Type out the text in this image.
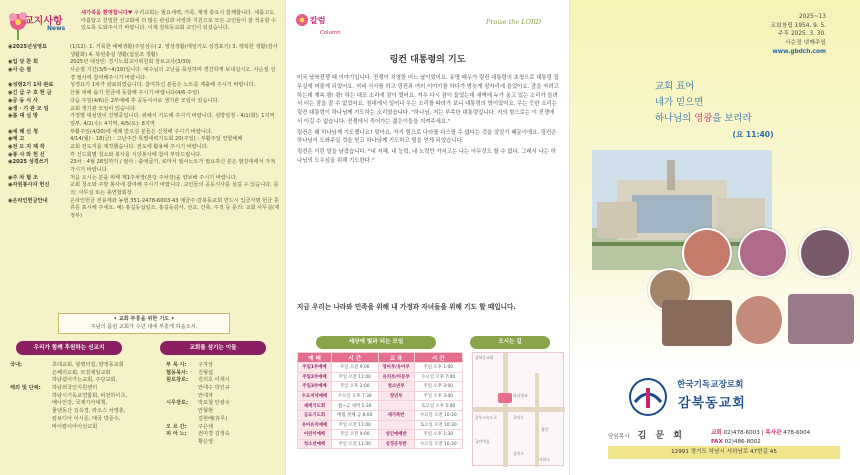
교지사항
News
새가족을 환영합니다♥ 우리교회는 월요새벽, 가족, 재생 충요시 함께합니다. 새롭고도 아름답고 친밀한 선교회에 더 많은 관심과 사랑과 지원으로 모든 교인들이 잘 적응할 수 있도록 도와주시기 바랍니다. 이제 감북동교회 교인이 되셨습니다.
◉2025년성영요	(1/12): 1. 거룩한 예배생활(주일성수) 2. 영성생활(매일기도 성경표기) 3. 행복한 생활(감사생활화) 4. 복된충실 생활(십일조 생활)
◉입 당 찬 회	2025년 대상빈: 경기노회교사위원회 장로교사(3/30)
◉사 순 절	사순절 기간(3/5~4/19)입니다. 예수님의 고난을 묵상하며 경건하게 보내십시오. 사순절 성경 필사에 참여해주시기 바랍니다.
◉성령2기 1차 완료	성경요기 1차가 완료되었습니다. 참여하신 분들은 노트를 제출해 주시기 바랍니다.
◉긴 급 구 호 헌 금	산불 피해 돕기 헌금에 동참해 주시기 바랍니다(4/6 주일)
◉공 동 식 사	다음 주일(4/6)은 2부예배 후 공동식사로 생기관 모임이 있습니다.
◉생 · 기 관 모 임	교회 생기관 모임이 있습니다.
◉봄 대 심 방	가정별 대심방이 진행중입니다. 위해서 기도해 주시기 바랍니다. 심방일정 - 4/1(화): 1지역 일부, 4/2(수): 4지역, 4/5(토): 8지역
◉세 례 신 청	부활주일(4/20)에 세례 받으실 분들은 신청해 주시기 바랍니다.
◉예 고	4/14(월) - 18(금) : 고난주간 특별새벽기도회 20(주일) : 부활주일 연합예배
◉전 도 지 제 작	교회 전도지를 제작했습니다. 전도에 활용해 주시기 바랍니다.
◉봉 사 와 헌 신	각 신드회별 청소와 봉사를 식당봉사에 참여 부탁드립니다.
◉2025 성경쓰기	23차 : 4월 28일까지 / 필사 : 출애굽기, 로마서 필사노트가 필요하신 분은 필강대에서 가져가시기 바랍니다.
◉주 차 협 조	처음 오시는 분을 위해 제1주차장(본당 주차장)을 양보해 주시기 바랍니다.
◉자원봉사자 헌신	교회 청소와 주방 봉사에 참여해 주시기 바랍니다. 교인들의 공동식사를 섬길 수 있습니다. 문의: 사무실 또는 총연합회장
◉온라인헌금안내	온라인헌금 전용계좌 농협 351-2478-6003-43 예금주:감북동교회 반드시 입금자명 헌금 종류를 표시해 주세요. 예) 홍길동십일조, 홍길동감사, 선교, 건축, 주정 등 문의: 교회 사무실(재정부)
• 교회 부흥을 위한 기도 •
주님의 몸된 교회가 수년 내에 부흥케 하옵소서.
우리가 함께 후원하는 선교지	교회를 섬기는 이들
국내:	초대교회, 광명의집, 양정동교회
은혜의교회, 모천제일교회
하남쉼이가는교회, 주당교회,
해외 및 단체:	하남외국인지원센터
하남시기독교연합회, 비전하이츠,
베나인강, 국제기아대책,
물댄동산 김옥경, 라오스 차영훈,
캄보디아 이시준, 태국 박준수,
바이칼이아이선교회
부 목 사:	구자상
협동목사:	진형섭
원로장로:	김의호 이재시
안대수 박인규
안대자
시무장로:	박포철 안광수
안형현
김현배(휴무)
오 르 간:	구은채
피 아 노:	권미경 김정숙
황은영
칼럼
Column
Praise the LORD
링컨 대통령의 기도

미국 남북전쟁 때 이야기입니다. 전쟁이 치열한 어느 날이었어요. 유명 배우가 링컨 대통령의 초청으로 대통령 집무실에 머물게 되었어요. 저녁 식사를 하고 링컨과 여러 이야기를 하다가 밤늦게 잠자리에 들었어요. 잠을 자려고 하는데 계속 쾅! 쾅! 하는 대포 소리에 잠이 깼어요. 겨우 다시 잠이 들었는데 새벽에 누가 울고 있는 소리가 들려서 더는 잠을 잘 수 없었어요. 침대에서 일어나 우는 소리를 따라가 보니 대통령의 방이었어요. 우는 듯한 소리는 링컨 대통령이 하나님께 기도하는 소리였습니다. "하나님, 저는 부족한 대통령입니다. 저의 힘으로는 이 전쟁에서 이길 수 없습니다. 전쟁에서 죽어가는 젊은이들을 지켜주세요."

링컨은 왜 하나님께 기도했나요? 맞아요. 자기 힘으로 나라를 다스릴 수 없다는 것을 알았기 때문이에요. 링컨은 하나님이 도와주실 것을 믿고 하나님께 기도하고 힘을 얻게 되었습니다.

링컨은 이런 말을 남겼습니다. "내 지혜, 내 능력, 내 노력만 가지고는 나는 아무것도 할 수 없다. 그래서 나는 하나님의 도우심을 위해 기도한다."

지금 우리는 나라와 민족을 위해 내 가정과 자녀들을 위해 기도 할 때입니다.
세상에 빛과 되는 모임	오시는 길
예 배	시 간	교 육	시 간
주일1부예배	주일 오전 9:00	영아부/유아부	주일 오후 1:00
주일2부예배	주일 오전 11:00	유치부/아동부	수요일 오후 7:00
주일3부예배	주일 오후 2:00	청소년부	주일 오후 3:00
수요저녁예배	수요일 오후 7:30	청년부	주일 오후 3:00
새벽기도회	월~금 새벽 5:30		토요일 오후 5:00
금요기도회	매월 첫째 금 8:00	새가족반	수요일 오전 10:30
유아유치예배	주일 오전 11:00		토요일 오전 10:30
어린이예배	주일 오전 9:00	성인예배반	주일 오후 1:30
청소년예배	주일 오전 11:00	성경공부반	수요일 오전 10:30
감북동교회
하남향교
초이동
중부고속도로
광암
궁안마을
감북로
서하로
2025~13
교회창립 1954. 9. 5.
주후 2025. 3. 30.
사순절 넷째주일
www.gbdch.com
교회 표어
네가 믿으면
하나님의 영광을 보리라
(요 11:40)
한국기독교장로회
감북동교회
담임목사 김 문 희	교회 02)478-6003 | 목사관 478-6004
FAX 02)486-8002
12991 경기도 하남시 서하남로 47번길 45
